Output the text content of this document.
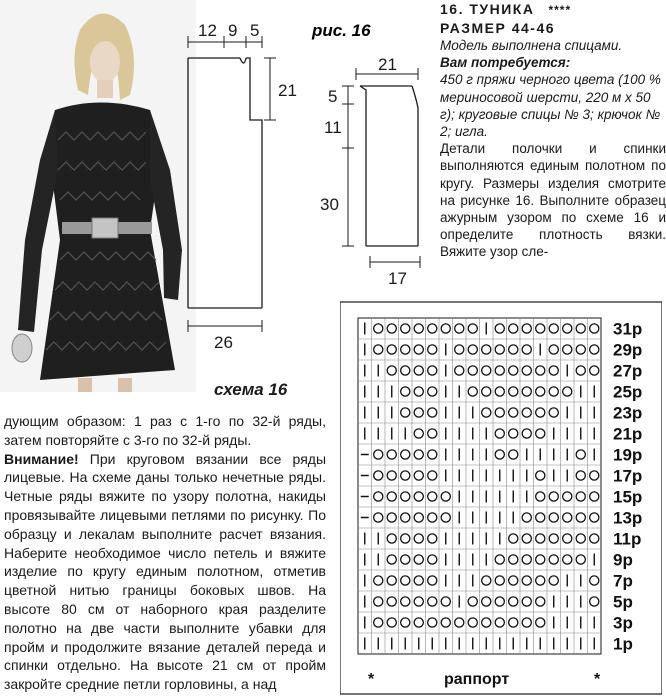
12 9 5
21
26
рис. 16
21
5
11
30
17
16. ТУНИКА ****
РАЗМЕР 44-46
Модель выполнена спицами.
Вам потребуется:
450 г пряжи черного цвета (100 % мериносовой шерсти, 220 м х 50 г); круговые спицы № 3; крючок № 2; игла.
Детали полочки и спинки выполняются единым полотном по кругу. Размеры изделия смотрите на рисунке 16. Выполните образец ажурным узором по схеме 16 и определите плотность вязки. Вяжите узор сле-
схема 16
дующим образом: 1 раз с 1-го по 32-й ряды, затем повторяйте с 3-го по 32-й ряды.
Внимание! При круговом вязании все ряды лицевые. На схеме даны только нечетные ряды. Четные ряды вяжите по узору полотна, накиды провязывайте лицевыми петлями по рисунку. По образцу и лекалам выполните расчет вязания. Наберите необходимое число петель и вяжите изделие по кругу единым полотном, отметив цветной нитью границы боковых швов. На высоте 80 см от наборного края разделите полотно на две части выполните убавки для пройм и продолжите вязание деталей переда и спинки отдельно. На высоте 21 см от пройм закройте средние петли горловины, а над
31р
29р
27р
25р
23р
21р
19р
17р
15р
13р
11р
9р
7р
5р
3р
1р
*	раппорт	*
